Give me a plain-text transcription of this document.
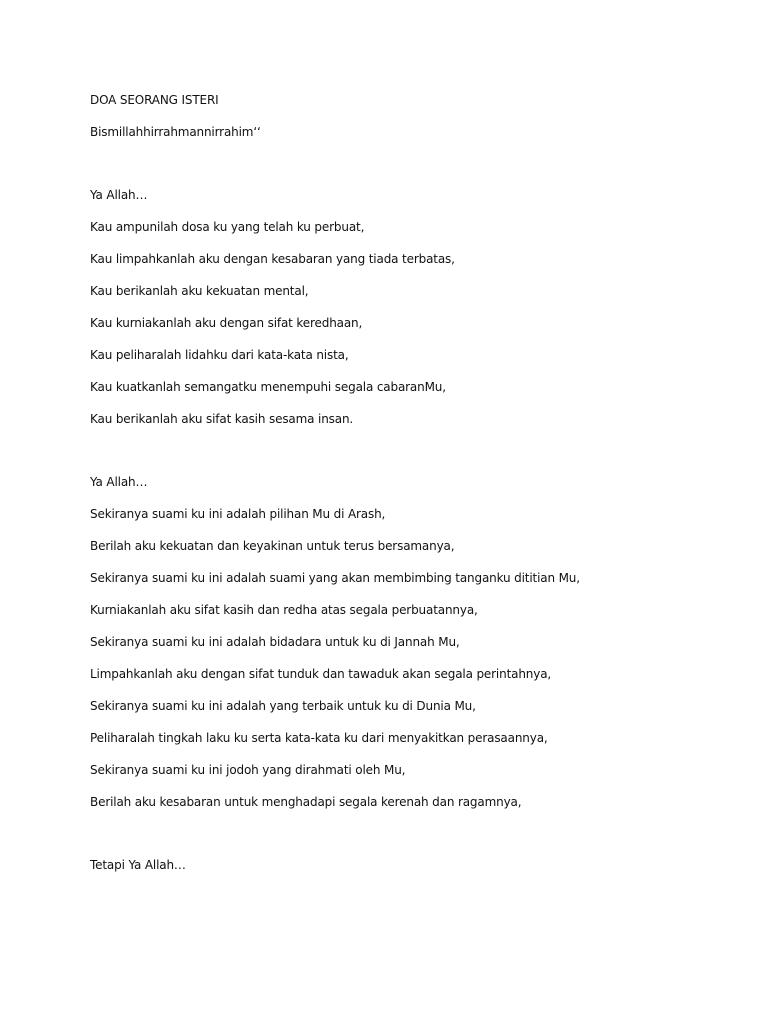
DOA SEORANG ISTERI

Bismillahhirrahmannirrahim‘‘

Ya Allah…

Kau ampunilah dosa ku yang telah ku perbuat,

Kau limpahkanlah aku dengan kesabaran yang tiada terbatas,

Kau berikanlah aku kekuatan mental,

Kau kurniakanlah aku dengan sifat keredhaan,

Kau peliharalah lidahku dari kata-kata nista,

Kau kuatkanlah semangatku menempuhi segala cabaranMu,

Kau berikanlah aku sifat kasih sesama insan.

Ya Allah…

Sekiranya suami ku ini adalah pilihan Mu di Arash,

Berilah aku kekuatan dan keyakinan untuk terus bersamanya,

Sekiranya suami ku ini adalah suami yang akan membimbing tanganku dititian Mu,

Kurniakanlah aku sifat kasih dan redha atas segala perbuatannya,

Sekiranya suami ku ini adalah bidadara untuk ku di Jannah Mu,

Limpahkanlah aku dengan sifat tunduk dan tawaduk akan segala perintahnya,

Sekiranya suami ku ini adalah yang terbaik untuk ku di Dunia Mu,

Peliharalah tingkah laku ku serta kata-kata ku dari menyakitkan perasaannya,

Sekiranya suami ku ini jodoh yang dirahmati oleh Mu,

Berilah aku kesabaran untuk menghadapi segala kerenah dan ragamnya,

Tetapi Ya Allah…
